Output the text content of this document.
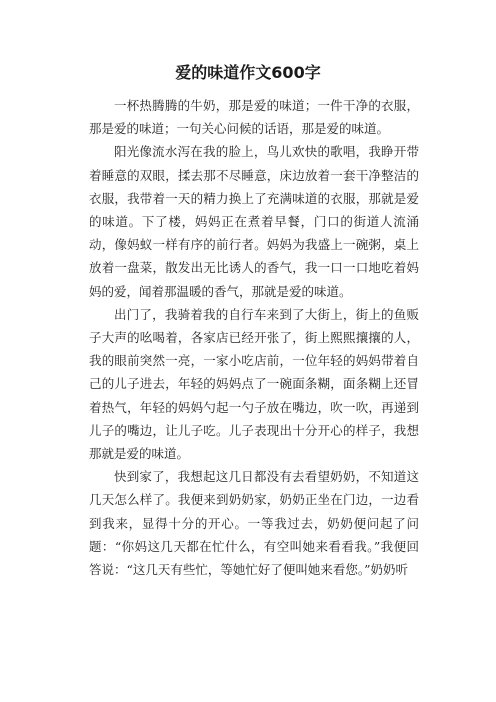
爱的味道作文600字

一杯热腾腾的牛奶，那是爱的味道；一件干净的衣服，那是爱的味道；一句关心问候的话语，那是爱的味道。

阳光像流水泻在我的脸上，鸟儿欢快的歌唱，我睁开带着睡意的双眼，揉去那不尽睡意，床边放着一套干净整洁的衣服，我带着一天的精力换上了充满味道的衣服，那就是爱的味道。下了楼，妈妈正在煮着早餐，门口的街道人流涌动，像妈蚁一样有序的前行者。妈妈为我盛上一碗粥，桌上放着一盘菜，散发出无比诱人的香气，我一口一口地吃着妈妈的爱，闻着那温暖的香气，那就是爱的味道。

出门了，我骑着我的自行车来到了大街上，街上的鱼贩子大声的吆喝着，各家店已经开张了，街上熙熙攘攘的人，我的眼前突然一亮，一家小吃店前，一位年轻的妈妈带着自己的儿子进去，年轻的妈妈点了一碗面条糊，面条糊上还冒着热气，年轻的妈妈勺起一勺子放在嘴边，吹一吹，再递到儿子的嘴边，让儿子吃。儿子表现出十分开心的样子，我想那就是爱的味道。

快到家了，我想起这几日都没有去看望奶奶，不知道这几天怎么样了。我便来到奶奶家，奶奶正坐在门边，一边看到我来，显得十分的开心。一等我过去，奶奶便问起了问题：“你妈这几天都在忙什么，有空叫她来看看我。”我便回答说：“这几天有些忙，等她忙好了便叫她来看您。”奶奶听
